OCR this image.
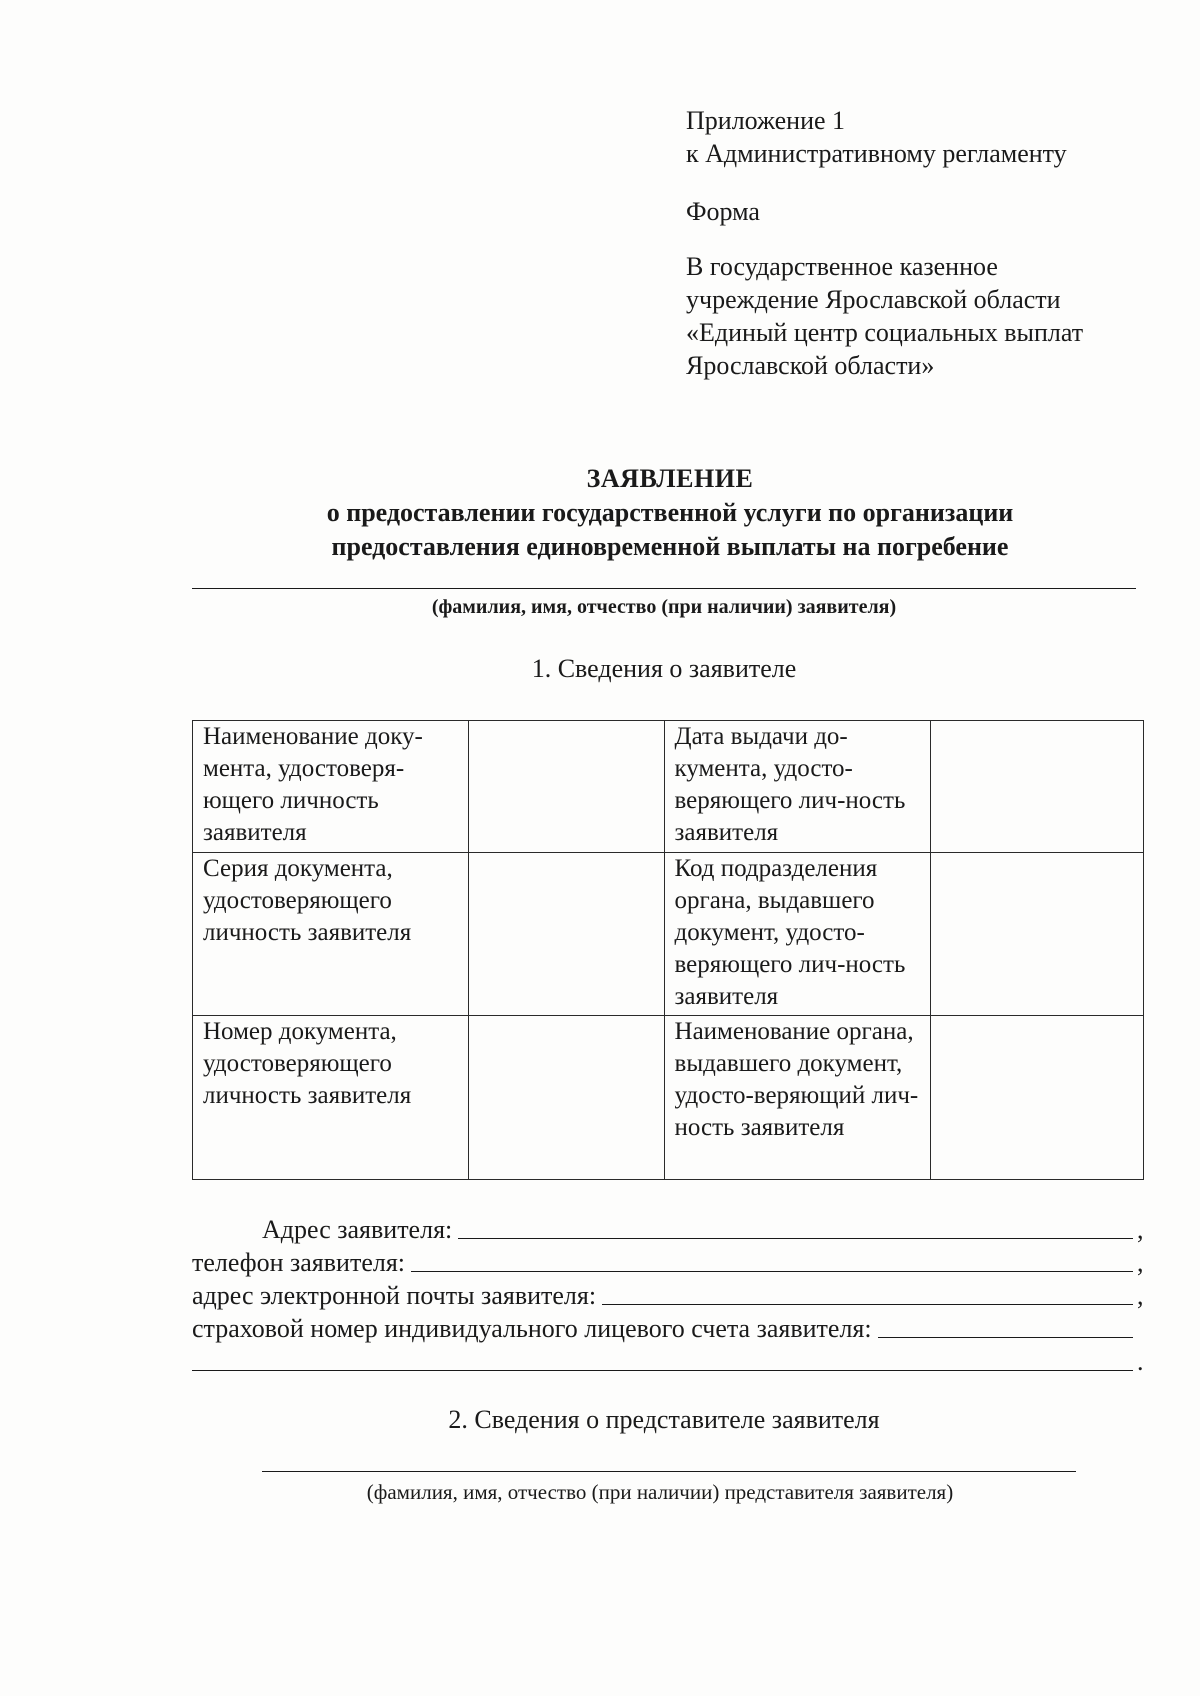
Приложение 1
к Административному регламенту
Форма
В государственное казенное
учреждение Ярославской области
«Единый центр социальных выплат
Ярославской области»
ЗАЯВЛЕНИЕ
о предоставлении государственной услуги по организации
предоставления единовременной выплаты на погребение
(фамилия, имя, отчество (при наличии) заявителя)
1. Сведения о заявителе
Наименование доку-мента, удостоверя-ющего личность заявителя		Дата выдачи до-кумента, удосто-веряющего лич-ность заявителя	
Серия документа, удостоверяющего личность заявителя		Код подразделения органа, выдавшего документ, удосто-веряющего лич-ность заявителя	
Номер документа, удостоверяющего личность заявителя		Наименование органа, выдавшего документ, удосто-веряющий лич-ность заявителя	
Адрес заявителя:	,
телефон заявителя:	,
адрес электронной почты заявителя:	,
страховой номер индивидуального лицевого счета заявителя:
.
2. Сведения о представителе заявителя
(фамилия, имя, отчество (при наличии) представителя заявителя)
